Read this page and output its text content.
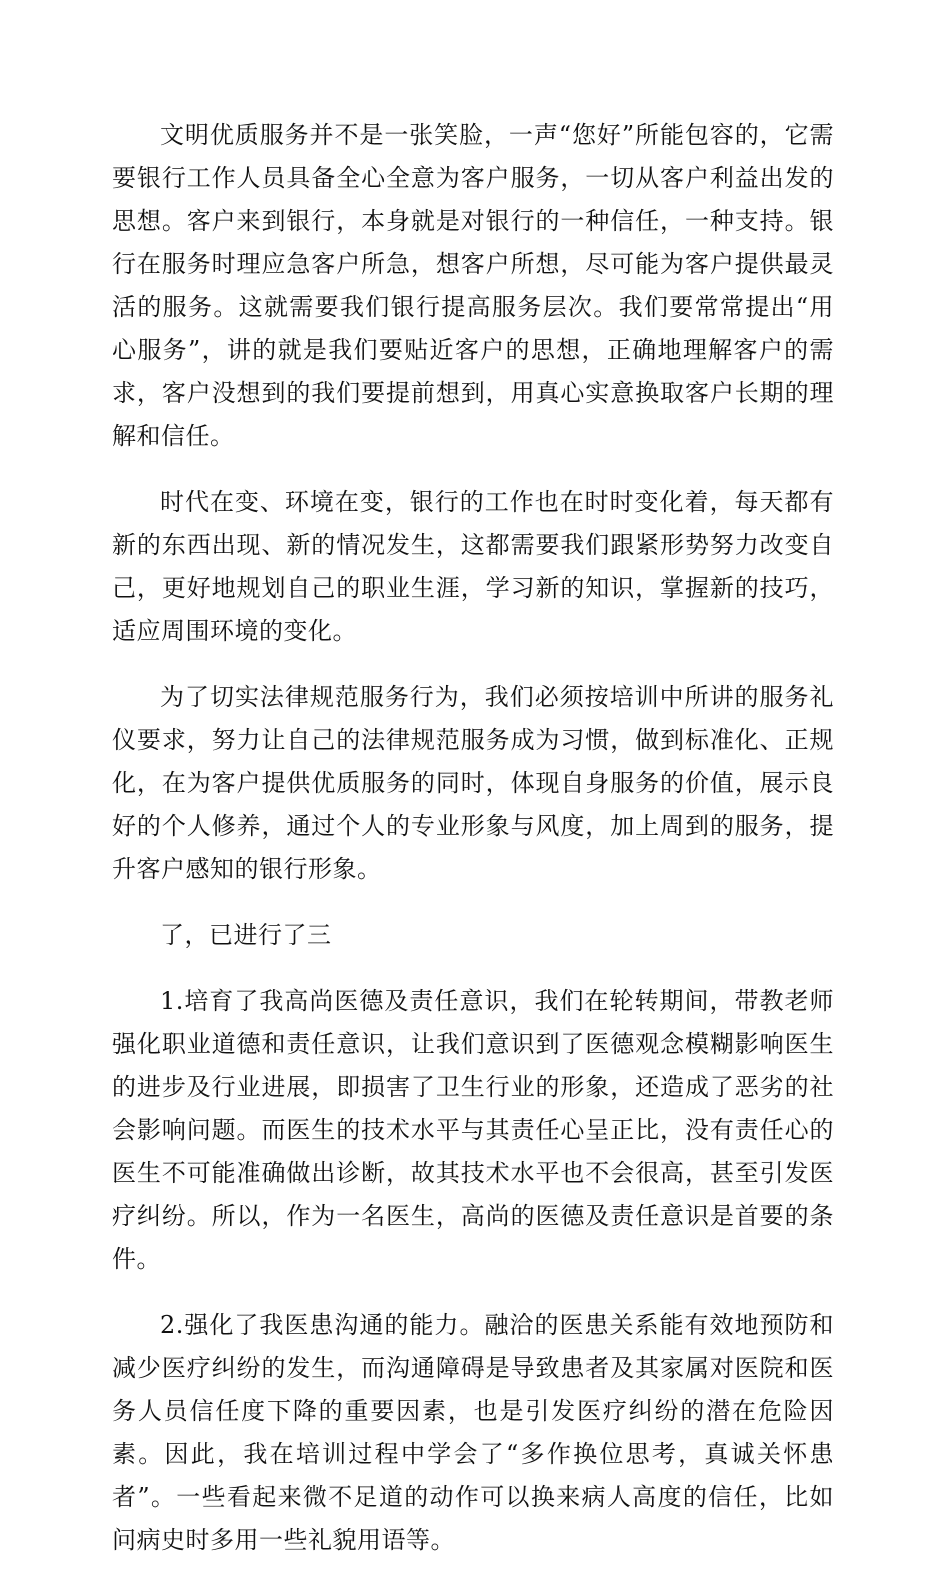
文明优质服务并不是一张笑脸，一声“您好”所能包容的，它需要银行工作人员具备全心全意为客户服务，一切从客户利益出发的思想。客户来到银行，本身就是对银行的一种信任，一种支持。银行在服务时理应急客户所急，想客户所想，尽可能为客户提供最灵活的服务。这就需要我们银行提高服务层次。我们要常常提出“用心服务”，讲的就是我们要贴近客户的思想，正确地理解客户的需求，客户没想到的我们要提前想到，用真心实意换取客户长期的理解和信任。

时代在变、环境在变，银行的工作也在时时变化着，每天都有新的东西出现、新的情况发生，这都需要我们跟紧形势努力改变自己，更好地规划自己的职业生涯，学习新的知识，掌握新的技巧，适应周围环境的变化。

为了切实法律规范服务行为，我们必须按培训中所讲的服务礼仪要求，努力让自己的法律规范服务成为习惯，做到标准化、正规化，在为客户提供优质服务的同时，体现自身服务的价值，展示良好的个人修养，通过个人的专业形象与风度，加上周到的服务，提升客户感知的银行形象。

了，已进行了三

1.培育了我高尚医德及责任意识，我们在轮转期间，带教老师强化职业道德和责任意识，让我们意识到了医德观念模糊影响医生的进步及行业进展，即损害了卫生行业的形象，还造成了恶劣的社会影响问题。而医生的技术水平与其责任心呈正比，没有责任心的医生不可能准确做出诊断，故其技术水平也不会很高，甚至引发医疗纠纷。所以，作为一名医生，高尚的医德及责任意识是首要的条件。

2.强化了我医患沟通的能力。融洽的医患关系能有效地预防和减少医疗纠纷的发生，而沟通障碍是导致患者及其家属对医院和医务人员信任度下降的重要因素，也是引发医疗纠纷的潜在危险因素。因此，我在培训过程中学会了“多作换位思考，真诚关怀患者”。一些看起来微不足道的动作可以换来病人高度的信任，比如问病史时多用一些礼貌用语等。
